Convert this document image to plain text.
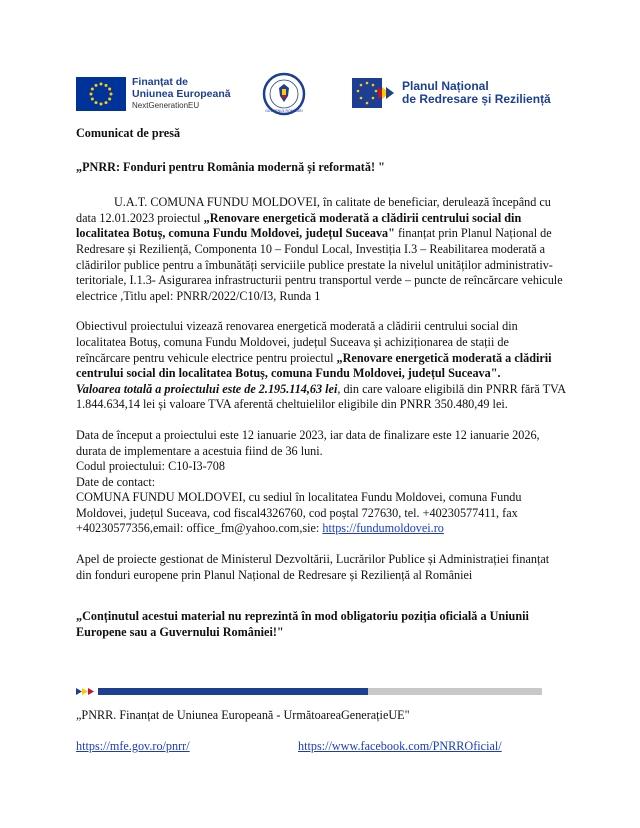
Finanțat de
Uniunea Europeană
NextGenerationEU
GUVERNUL ROMÂNIEI
Planul Național
de Redresare și Reziliență

Comunicat de presă

„PNRR: Fonduri pentru România modernă și reformată! "

U.A.T. COMUNA FUNDU MOLDOVEI, în calitate de beneficiar, derulează începând cu data 12.01.2023 proiectul „Renovare energetică moderată a clădirii centrului social din localitatea Botuș, comuna Fundu Moldovei, județul Suceava" finanțat prin Planul Național de Redresare și Reziliență, Componenta 10 – Fondul Local, Investiția I.3 – Reabilitarea moderată a clădirilor publice pentru a îmbunătăți serviciile publice prestate la nivelul unităților administrativ-teritoriale, I.1.3- Asigurarea infrastructurii pentru transportul verde – puncte de reîncărcare vehicule electrice ,Titlu apel: PNRR/2022/C10/I3, Runda 1

Obiectivul proiectului vizează renovarea energetică moderată a clădirii centrului social din localitatea Botuș, comuna Fundu Moldovei, județul Suceava și achiziționarea de stații de reîncărcare pentru vehicule electrice pentru proiectul „Renovare energetică moderată a clădirii centrului social din localitatea Botuș, comuna Fundu Moldovei, județul Suceava".
Valoarea totală a proiectului este de 2.195.114,63 lei, din care valoare eligibilă din PNRR fără TVA 1.844.634,14 lei și valoare TVA aferentă cheltuielilor eligibile din PNRR 350.480,49 lei.

Data de început a proiectului este 12 ianuarie 2023, iar data de finalizare este 12 ianuarie 2026, durata de implementare a acestuia fiind de 36 luni.
Codul proiectului: C10-I3-708
Date de contact:
COMUNA FUNDU MOLDOVEI, cu sediul în localitatea Fundu Moldovei, comuna Fundu Moldovei, județul Suceava, cod fiscal4326760, cod poștal 727630, tel. +40230577411, fax +40230577356,email: office_fm@yahoo.com,sie: https://fundumoldovei.ro

Apel de proiecte gestionat de Ministerul Dezvoltării, Lucrărilor Publice și Administrației finanțat din fonduri europene prin Planul Național de Redresare și Reziliență al României

„Conținutul acestui material nu reprezintă în mod obligatoriu poziția oficială a Uniunii Europene sau a Guvernului României!"

„PNRR. Finanțat de Uniunea Europeană - UrmătoareaGenerațieUE"
https://mfe.gov.ro/pnrr/	https://www.facebook.com/PNRROficial/
